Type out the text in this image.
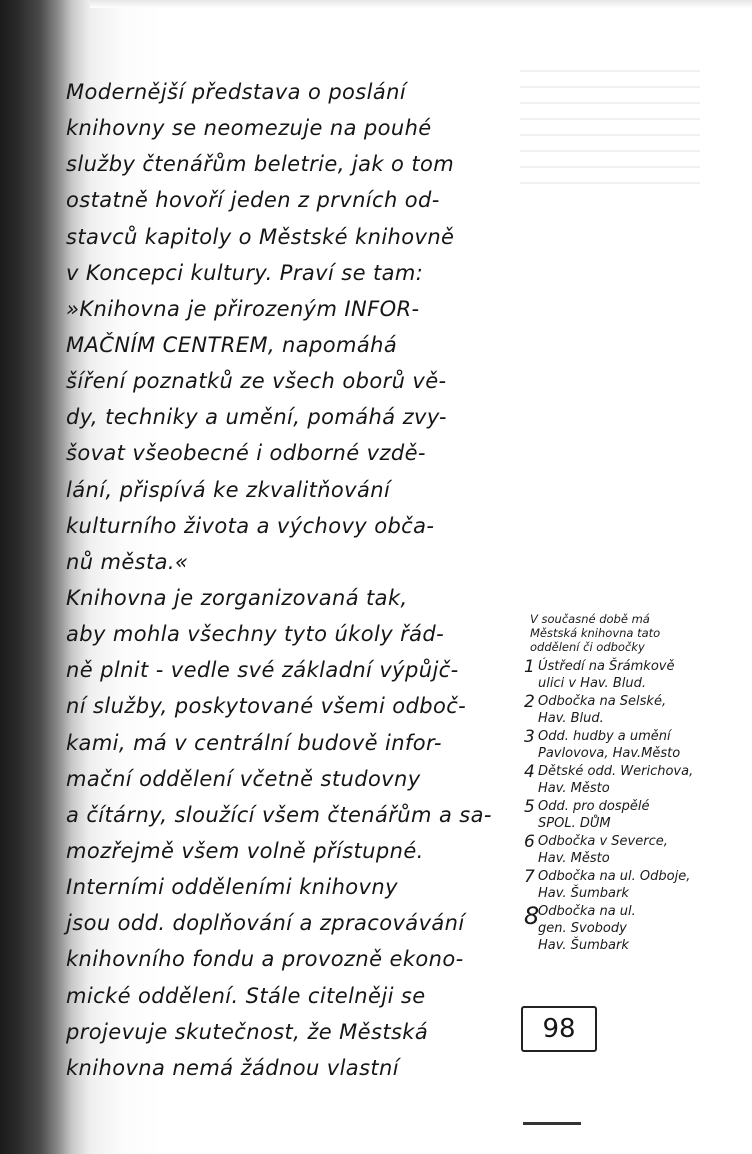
Modernější představa o poslání
knihovny se neomezuje na pouhé
služby čtenářům beletrie, jak o tom
ostatně hovoří jeden z prvních od-
stavců kapitoly o Městské knihovně
v Koncepci kultury. Praví se tam:
»Knihovna je přirozeným INFOR-
MAČNÍM CENTREM, napomáhá
šíření poznatků ze všech oborů vě-
dy, techniky a umění, pomáhá zvy-
šovat všeobecné i odborné vzdě-
lání, přispívá ke zkvalitňování
kulturního života a výchovy obča-
nů města.«
Knihovna je zorganizovaná tak,
aby mohla všechny tyto úkoly řád-
ně plnit - vedle své základní výpůjč-
ní služby, poskytované všemi odboč-
kami, má v centrální budově infor-
mační oddělení včetně studovny
a čítárny, sloužící všem čtenářům a sa-
mozřejmě všem volně přístupné.
Interními odděleními knihovny
jsou odd. doplňování a zpracovávání
knihovního fondu a provozně ekono-
mické oddělení. Stále citelněji se
projevuje skutečnost, že Městská
knihovna nemá žádnou vlastní
V současné době má
Městská knihovna tato
oddělení či odbočky
1 Ústředí na Šrámkově
ulici v Hav. Blud.
2 Odbočka na Selské,
Hav. Blud.
3 Odd. hudby a umění
Pavlovova, Hav.Město
4 Dětské odd. Werichova,
Hav. Město
5 Odd. pro dospělé
SPOL. DŮM
6 Odbočka v Severce,
Hav. Město
7 Odbočka na ul. Odboje,
Hav. Šumbark
8
Odbočka na ul.
gen. Svobody
Hav. Šumbark
98
